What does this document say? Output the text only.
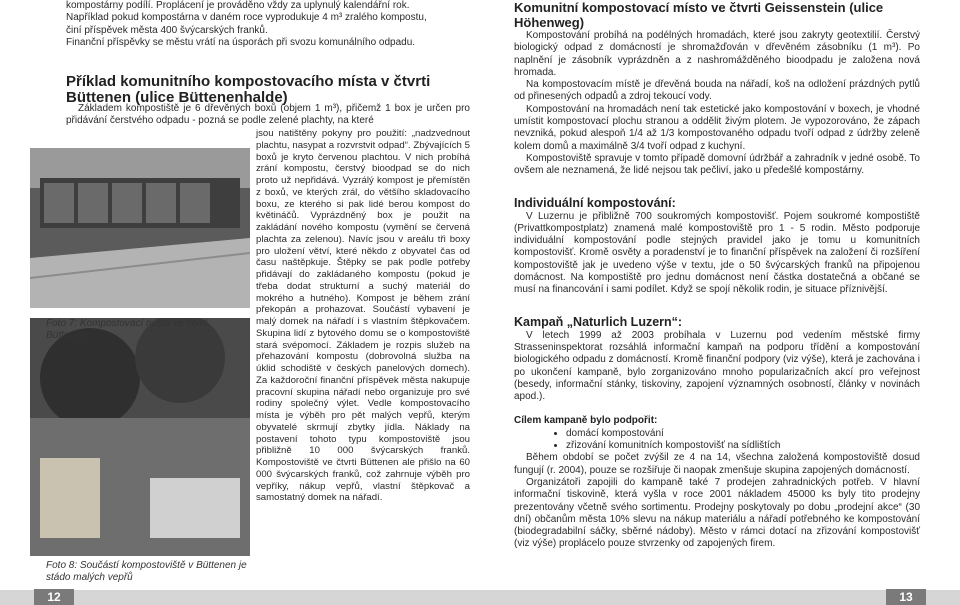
kompostárny podílí. Proplácení je prováděno vždy za uplynulý kalendářní rok.

Například pokud kompostárna v daném roce vyprodukuje 4 m³ zralého kompostu,

činí příspěvek města 400 švýcarských franků.

Finanční příspěvky se městu vrátí na úsporách při svozu komunálního odpadu.

Příklad komunitního kompostovacího místa v čtvrti Büttenen (ulice Büttenenhalde)

Základem kompostiště je 6 dřevěných boxů (objem 1 m³), přičemž 1 box je určen pro přidávání čerstvého odpadu - pozná se podle zelené plachty, na které

Foto 7: Kompostovací místo ve čtvrti Büttenen
Foto 8: Součástí kompostoviště v Büttenen je stádo malých vepřů

jsou natištěny pokyny pro použití: „nadzvednout plachtu, nasypat a rozvrstvit odpad“. Zbývajících 5 boxů je kryto červenou plachtou. V nich probíhá zrání kompostu, čerstvý bioodpad se do nich proto už nepřidává. Vyzrálý kompost je přemístěn z boxů, ve kterých zrál, do většího skladovacího boxu, ze kterého si pak lidé berou kompost do květináčů. Vyprázdněný box je použit na zakládání nového kompostu (vymění se červená plachta za zelenou). Navíc jsou v areálu tři boxy pro uložení větví, které někdo z obyvatel čas od času naštěpkuje. Štěpky se pak podle potřeby přidávají do zakládaného kompostu (pokud je třeba dodat strukturní a suchý materiál do mokrého a hutného). Kompost je během zrání překopán a prohazovat. Součástí vybavení je malý domek na nářadí i s vlastním štěpkovačem. Skupina lidí z bytového domu se o kompostoviště stará svépomocí. Základem je rozpis služeb na přehazování kompostu (dobrovolná služba na úklid schodiště v českých panelových domech). Za každoroční finanční příspěvek města nakupuje pracovní skupina nářadí nebo organizuje pro své rodiny společný výlet. Vedle kompostovacího místa je výběh pro pět malých vepřů, kterým obyvatelé skrmují zbytky jídla. Náklady na postavení tohoto typu kompostoviště jsou přibližně 10 000 švýcarských franků. Kompostoviště ve čtvrti Büttenen ale přišlo na 60 000 švýcarských franků, což zahrnuje výběh pro vepříky, nákup vepřů, vlastní štěpkovač a samostatný domek na nářadí.

12
Komunitní kompostovací místo ve čtvrti Geissenstein (ulice Höhenweg)

Kompostování probíhá na podélných hromadách, které jsou zakryty geotextilií. Čerstvý biologický odpad z domácností je shromažďován v dřevěném zásobníku (1 m³). Po naplnění je zásobník vyprázdněn a z nashromážděného bioodpadu je založena nová hromada.

Na kompostovacím místě je dřevěná bouda na nářadí, koš na odložení prázdných pytlů od přinesených odpadů a zdroj tekoucí vody.

Kompostování na hromadách není tak estetické jako kompostování v boxech, je vhodné umístit kompostovací plochu stranou a oddělit živým plotem. Je vypozorováno, že zápach nevzniká, pokud alespoň 1/4 až 1/3 kompostovaného odpadu tvoří odpad z údržby zeleně kolem domů a maximálně 3/4 tvoří odpad z kuchyní.

Kompostoviště spravuje v tomto případě domovní údržbář a zahradník v jedné osobě. To ovšem ale neznamená, že lidé nejsou tak pečliví, jako u předešlé kompostárny.

Individuální kompostování:

V Luzernu je přibližně 700 soukromých kompostovišť. Pojem soukromé kompostiště (Privattkompostplatz) znamená malé kompostoviště pro 1 - 5 rodin. Město podporuje individuální kompostování podle stejných pravidel jako je tomu u komunitních kompostovišť. Kromě osvěty a poradenství je to finanční příspěvek na založení či rozšíření kompostoviště jak je uvedeno výše v textu, jde o 50 švýcarských franků na připojenou domácnost. Na kompostiště pro jednu domácnost není částka dostatečná a občané se musí na financování i sami podílet. Když se spojí několik rodin, je situace příznivější.

Kampaň „Naturlich Luzern“:

V letech 1999 až 2003 probíhala v Luzernu pod vedením městské firmy Strasseninspektorat rozsáhlá informační kampaň na podporu třídění a kompostování biologického odpadu z domácností. Kromě finanční podpory (viz výše), která je zachována i po ukončení kampaně, bylo zorganizováno mnoho popularizačních akcí pro veřejnost (besedy, informační stánky, tiskoviny, zapojení významných osobností, články v novinách apod.).

Cílem kampaně bylo podpořit:
• domácí kompostování
• zřizování komunitních kompostovišť na sídlištích

Během období se počet zvýšil ze 4 na 14, všechna založená kompostoviště dosud fungují (r. 2004), pouze se rozšiřuje či naopak zmenšuje skupina zapojených domácností.

Organizátoři zapojili do kampaně také 7 prodejen zahradnických potřeb. V hlavní informační tiskovině, která vyšla v roce 2001 nákladem 45000 ks byly tito prodejny prezentovány včetně svého sortimentu. Prodejny poskytovaly po dobu „prodejní akce“ (30 dní) občanům města 10% slevu na nákup materiálu a nářadí potřebného ke kompostování (biodegradabilní sáčky, sběrné nádoby). Město v rámci dotací na zřizování kompostovišť (viz výše) proplácelo pouze stvrzenky od zapojených firem.

13
